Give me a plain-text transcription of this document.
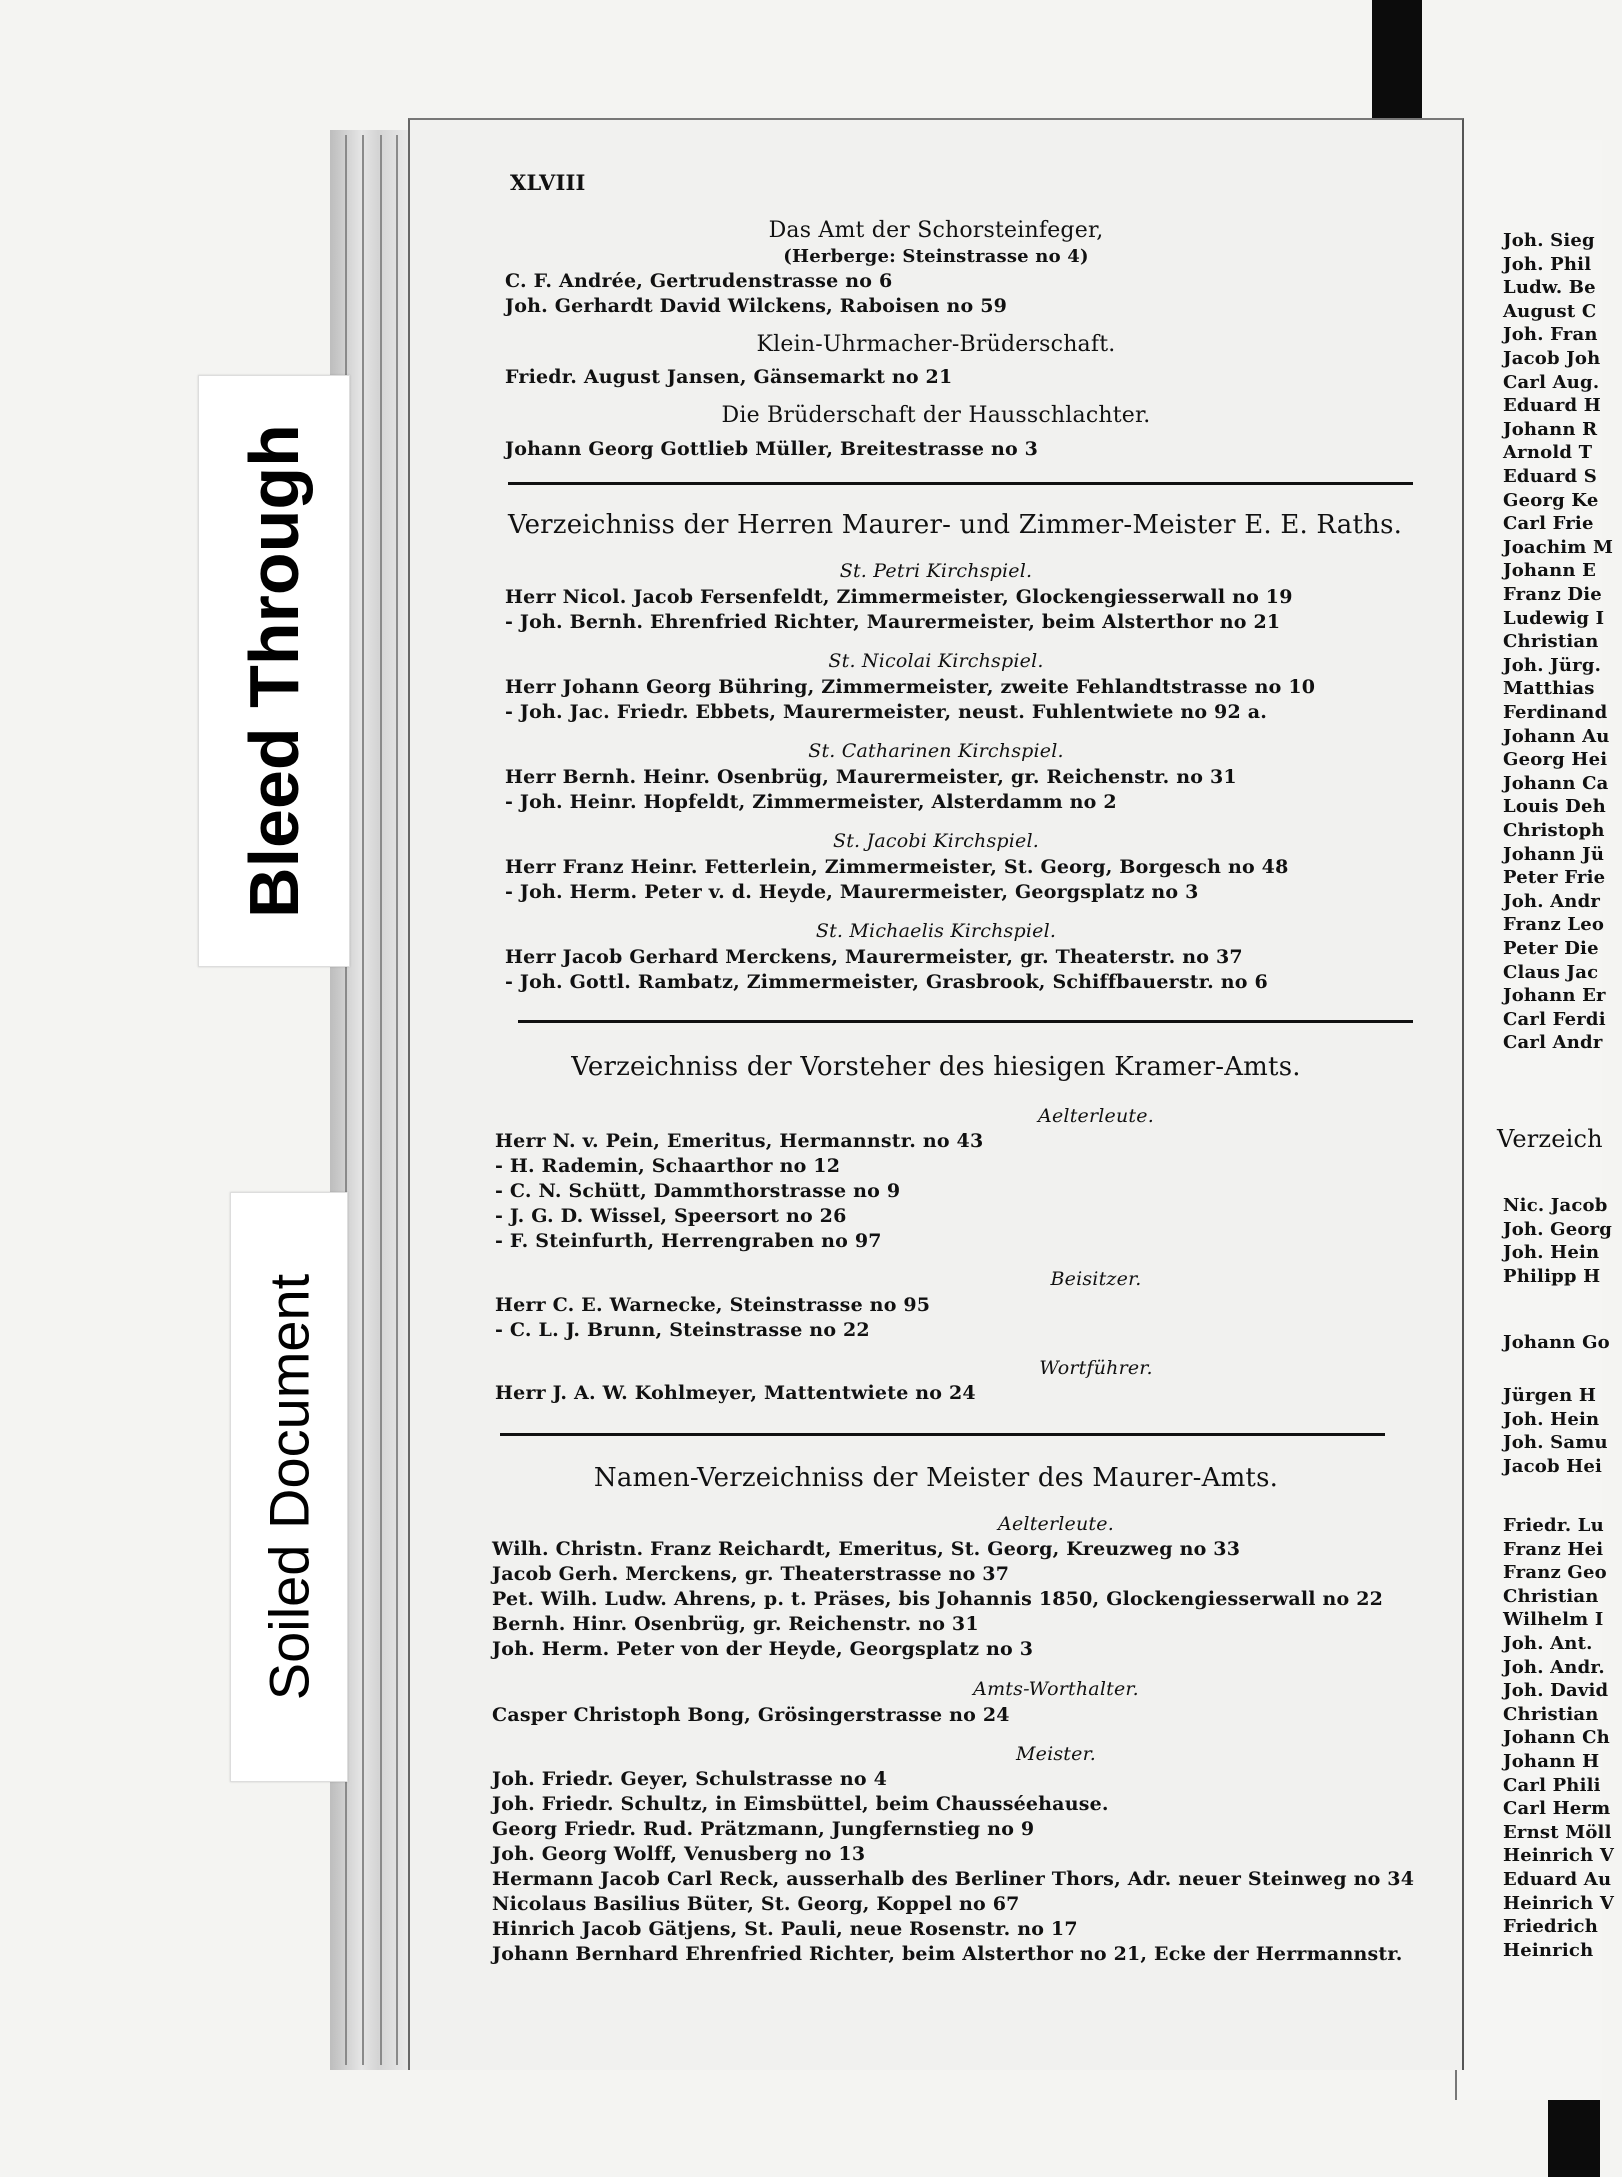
Joh. Sieg
Joh. Phil
Ludw. Be
August C
Joh. Fran
Jacob Joh
Carl Aug.
Eduard H
Johann R
Arnold T
Eduard S
Georg Ke
Carl Frie
Joachim M
Johann E
Franz Die
Ludewig I
Christian
Joh. Jürg.
Matthias
Ferdinand
Johann Au
Georg Hei
Johann Ca
Louis Deh
Christoph
Johann Jü
Peter Frie
Joh. Andr
Franz Leo
Peter Die
Claus Jac
Johann Er
Carl Ferdi
Carl Andr
Verzeich
Nic. Jacob
Joh. Georg
Joh. Hein
Philipp H
Johann Go
Jürgen H
Joh. Hein
Joh. Samu
Jacob Hei
Friedr. Lu
Franz Hei
Franz Geo
Christian
Wilhelm I
Joh. Ant.
Joh. Andr.
Joh. David
Christian
Johann Ch
Johann H
Carl Phili
Carl Herm
Ernst Möll
Heinrich V
Eduard Au
Heinrich V
Friedrich
Heinrich
XLVIII
Das Amt der Schorsteinfeger,
(Herberge: Steinstrasse no 4)
C. F. Andrée, Gertrudenstrasse no 6
Joh. Gerhardt David Wilckens, Raboisen no 59
Klein-Uhrmacher-Brüderschaft.
Friedr. August Jansen, Gänsemarkt no 21
Die Brüderschaft der Hausschlachter.
Johann Georg Gottlieb Müller, Breitestrasse no 3
Verzeichniss der Herren Maurer- und Zimmer-Meister E. E. Raths.
St. Petri Kirchspiel.
Herr Nicol. Jacob Fersenfeldt, Zimmermeister, Glockengiesserwall no 19
- Joh. Bernh. Ehrenfried Richter, Maurermeister, beim Alsterthor no 21
St. Nicolai Kirchspiel.
Herr Johann Georg Bühring, Zimmermeister, zweite Fehlandtstrasse no 10
- Joh. Jac. Friedr. Ebbets, Maurermeister, neust. Fuhlentwiete no 92 a.
St. Catharinen Kirchspiel.
Herr Bernh. Heinr. Osenbrüg, Maurermeister, gr. Reichenstr. no 31
- Joh. Heinr. Hopfeldt, Zimmermeister, Alsterdamm no 2
St. Jacobi Kirchspiel.
Herr Franz Heinr. Fetterlein, Zimmermeister, St. Georg, Borgesch no 48
- Joh. Herm. Peter v. d. Heyde, Maurermeister, Georgsplatz no 3
St. Michaelis Kirchspiel.
Herr Jacob Gerhard Merckens, Maurermeister, gr. Theaterstr. no 37
- Joh. Gottl. Rambatz, Zimmermeister, Grasbrook, Schiffbauerstr. no 6
Verzeichniss der Vorsteher des hiesigen Kramer-Amts.
Aelterleute.
Herr N. v. Pein, Emeritus, Hermannstr. no 43
- H. Rademin, Schaarthor no 12
- C. N. Schütt, Dammthorstrasse no 9
- J. G. D. Wissel, Speersort no 26
- F. Steinfurth, Herrengraben no 97
Beisitzer.
Herr C. E. Warnecke, Steinstrasse no 95
- C. L. J. Brunn, Steinstrasse no 22
Wortführer.
Herr J. A. W. Kohlmeyer, Mattentwiete no 24
Namen-Verzeichniss der Meister des Maurer-Amts.
Aelterleute.
Wilh. Christn. Franz Reichardt, Emeritus, St. Georg, Kreuzweg no 33
Jacob Gerh. Merckens, gr. Theaterstrasse no 37
Pet. Wilh. Ludw. Ahrens, p. t. Präses, bis Johannis 1850, Glockengiesserwall no 22
Bernh. Hinr. Osenbrüg, gr. Reichenstr. no 31
Joh. Herm. Peter von der Heyde, Georgsplatz no 3
Amts-Worthalter.
Casper Christoph Bong, Grösingerstrasse no 24
Meister.
Joh. Friedr. Geyer, Schulstrasse no 4
Joh. Friedr. Schultz, in Eimsbüttel, beim Chausséehause.
Georg Friedr. Rud. Prätzmann, Jungfernstieg no 9
Joh. Georg Wolff, Venusberg no 13
Hermann Jacob Carl Reck, ausserhalb des Berliner Thors, Adr. neuer Steinweg no 34
Nicolaus Basilius Büter, St. Georg, Koppel no 67
Hinrich Jacob Gätjens, St. Pauli, neue Rosenstr. no 17
Johann Bernhard Ehrenfried Richter, beim Alsterthor no 21, Ecke der Herrmannstr.
Bleed Through
Soiled Document
